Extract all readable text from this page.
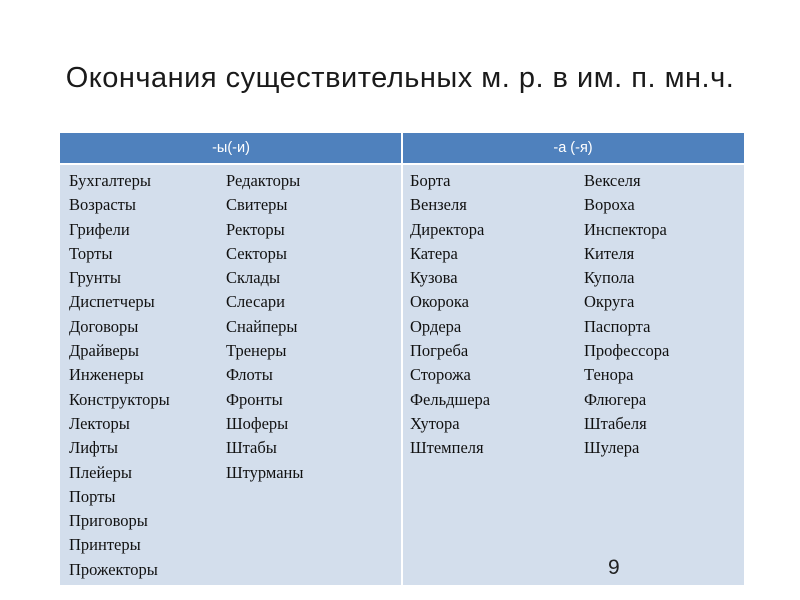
Окончания существительных м. р. в им. п. мн.ч.
-ы(-и)	-а (-я)
Бухгалтеры
Возрасты
Грифели
Торты
Грунты
Диспетчеры
Договоры
Драйверы
Инженеры
Конструкторы
Лекторы
Лифты
Плейеры
Порты
Приговоры
Принтеры
Прожекторы
Редакторы
Свитеры
Ректоры
Секторы
Склады
Слесари
Снайперы
Тренеры
Флоты
Фронты
Шоферы
Штабы
Штурманы
Борта
Вензеля
Директора
Катера
Кузова
Окорока
Ордера
Погреба
Сторожа
Фельдшера
Хутора
Штемпеля
Векселя
Вороха
Инспектора
Кителя
Купола
Округа
Паспорта
Профессора
Тенора
Флюгера
Штабеля
Шулера
9
